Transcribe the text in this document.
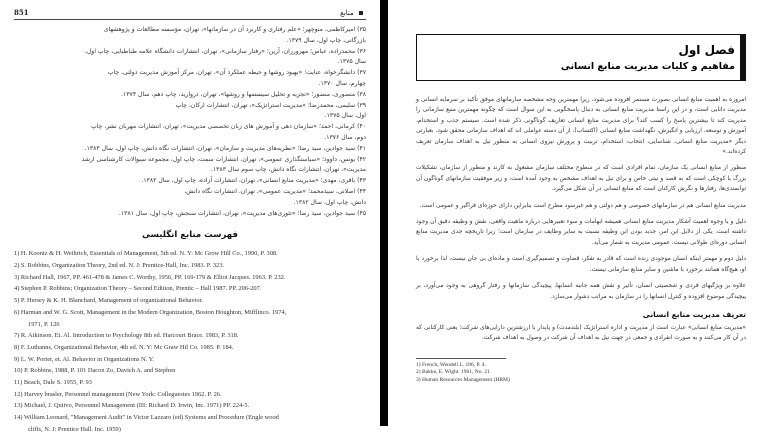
منابع
851

۳۵) امیرکاظمی، منوچهر؛ «علم رفتاری و کاربرد آن در سازمانها»، تهران، مؤسسه مطالعات و پژوهشهای

بازرگانی، چاپ اول، سال ۱۳۷۹.

۳۶) محمدزاده، عباس؛ مهرورزان، آرین؛ «رفتار سازمانی»، تهران، انتشارات دانشگاه علامه طباطبایی، چاپ اول،

سال ۱۳۷۵.

۳۷) دانشگرخواه، عنایت؛ «بهبود روشها و حیطه عملکرد آن»، تهران، مرکز آموزش مدیریت دولتی، چاپ

چهارم، سال ۱۳۷۰.

۳۸) منصوری، منصور؛ «تجزیه و تحلیل سیستمها و روشها»، تهران، دروارید، چاپ دهم، سال ۱۳۷۴.

۳۹) سلیمی، محمدرضا؛ «مدیریت استراتژیک»، تهران، انتشارات ارکان، چاپ

اول، سال ۱۳۷۵.

۴۰) کرمانی، احمد؛ «سازمان دهی و آموزش های زبان تخصصی مدیریت»، تهران، انتشارات مهربان نشر، چاپ

دوم، سال ۱۳۷۶.

۴۱) سید جوادین، سید رضا؛ «نظریه‌های مدیریت و سازمان»، تهران، انتشارات نگاه دانش، چاپ اول، سال ۱۳۸۳.

۴۲) یونس، داوود؛ «سیاستگذاری عمومی»، تهران، انتشارات سمت، چاپ اول، مجموعه سیوالات کارشناسی ارشد

مدیریت»، تهران، انتشارات نگاه دانش، چاپ سوم سال ۱۳۸۳.

۴۳) باقری، مهدی؛ «مدیریت منابع انسانی»، تهران، انتشارات آزاده، چاپ اول، سال ۱۳۸۲.

۴۴) اصلانی، سیدمحمد؛ «مدیریت عمومی»، تهران، انتشارات نگاه دانش،

دانش، چاپ اول، سال ۱۳۸۲.

۴۵) سید جوادین، سید رضا؛ «تئوری‌های مدیریت»، تهران، انتشارات سنجش، چاپ اول، سال ۱۳۸۱.

فهرست منابع انگلیسی

1) H. Koontz & H. Weihrich, Essentials of Management, 5th ed. N. Y: Mc Grow Hill Co., 1990, P. 308.

2) S. Robbins, Organization Theory, 2nd ed. N. J: Prentice-Hall, Inc. 1983. P. 323.

3) Richard Hall, 1967, PP. 461-478 & James C. Worthy, 1956, PP. 169-179 & Elliot Jacques. 1963. P. 232.

4) Stephen P. Robbins; Organization Theory – Second Edition, Prentic – Hall 1987. PP. 206-207.

5) P. Hersey & K. H. Blanchard, Management of organizational Behavior.

6) Harman and W. G. Scott, Management in the Modern Organization, Boston Houghton, Mifflinco. 1974,

1971, P. 126

7) R. Atkinson. Et. Al. Introduction to Psychology 8th ed. Harcourt Brace. 1983, P. 318.

8) F. Luthanns, Organizational Behavior, 4th ed. N. Y: Mc Graw Hil Co. 1985. P. 184.

9) L. W. Porter, et. Al. Behavior in Organizations N. Y.

10) P. Robbins, 1988, P. 101 Dacon Zo, Davich A. and Stephen

11) Beach, Dale S. 1955, P. 93

12) Harvey brasler, Personnel management (New York: Colleguestes 1962. P. 26.

13) Michael, J. Quiivo, Personnel Management (III: Richard D. Irwin, Inc. 1971) PP. 224-5.

14) William Leonard, "Management Audit" in Victor Lazzaro (ed) Systems and Procedure (Engle wood

cliffs, N. J: Prentice Hall. Inc. 1959)

فصل اول
مفاهیم و کلیات مدیریت منابع انسانی

امروزه به اهمیت منابع انسانی بصورت مستمر افزوده می‌شود، زیرا مهمترین وجه مشخصه سازمانهای موفق تأکید بر سرمایه انسانی و مدیریت دانایی است، و در این راستا مدیریت منابع انسانی به دنبال پاسخگویی به این سوال است که چگونه مهمترین منبع سازمانی را مدیریت کند تا بیشترین پاسخ را کسب کند؟ برای مدیریت منابع انسانی تعاریف گوناگونی ذکر شده است. سیستم جذب و استخدام، آموزش و توسعه، ارزیابی و انگیزش، نگهداشت منابع انسانی (اکتساب)، از آن دسته عواملی اند که اهداف سازمانی محقق شود. بعبارتی دیگر «مدیریت منابع انسانی، شناسایی، انتخاب، استخدام، تربیت و پرورش نیروی انسانی به منظور نیل به اهداف سازمان تعریف کرده‌اند.»

منظور از منابع انسانی یک سازمان، تمام افرادی است که در سطوح مختلف سازمان مشغول به کارند و منظور از سازمان، تشکیلات بزرگ یا کوچکی است که به قصد و نیتی خاص و برای نیل به اهداف مشخص به وجود آمده است، و زیر موفقیت سازمانهای گوناگون آن توانمندی‌ها، رفتارها و نگرش کارکنان است که منابع انسانی در آن شکل می‌گیرد.

مدیریت منابع انسانی هم در سازمانهای خصوصی و هم دولتی و هم غیرسود مطرح است بنابراین دارای حوزه‌ای فراگیر و عمومی است.

دلیل و یا وجوه اهمیت آشکار مدیریت منابع انسانی همیشه ابهامات و سوء تعبیرهایی درباره ماهیت واقعی، نقش و وظیفه دقیق آن وجود داشته است. یکی از دلایل این امر، جدید بودن این وظیفه نسبت به سایر وظایف در سازمان است؛ زیرا تاریخچه جدی مدیریت منابع انسانی دوره‌ای طولانی نیست، عمومی مدیریت به شمار می‌آید.

دلیل دوم و مهمتر اینکه انسان موجودی زنده است که قادر به تفکر، قضاوت و تصمیم‌گیری است و ماده‌ای بی جان نیست، لذا برخورد با او، هیچ‌گاه همانند برخورد با ماشین و سایر منابع سازمانی نیست.

علاوه بر ویژگیهای فردی و شخصیتی انسان، تأثیر و نقش همه جانبه انسانها، پیچیدگی سازمانها و رفتار گروهی به وجود می‌آورد، بر پیچیدگی موضوع افزوده و کنترل انسانها را در سازمان به مراتب دشوار می‌سازد.

تعریف مدیریت منابع انسانی

«مدیریت منابع انسانی» عبارت است از مدیریت و اداره استراتژیک (بلندمدت) و پایدار با ارزشترین دارایی‌های شرکت؛ یعنی کارکنانی که در آن کار می‌کنند و به صورت انفرادی و جمعی در جهت نیل به اهداف آن شرکت در وصول به اهداف شرکت.

1) French, Wendell L. 186, P. 4.

2) Bakke, E. Wight. 1961, No. 21

3) Human Resources Management (HRM)
